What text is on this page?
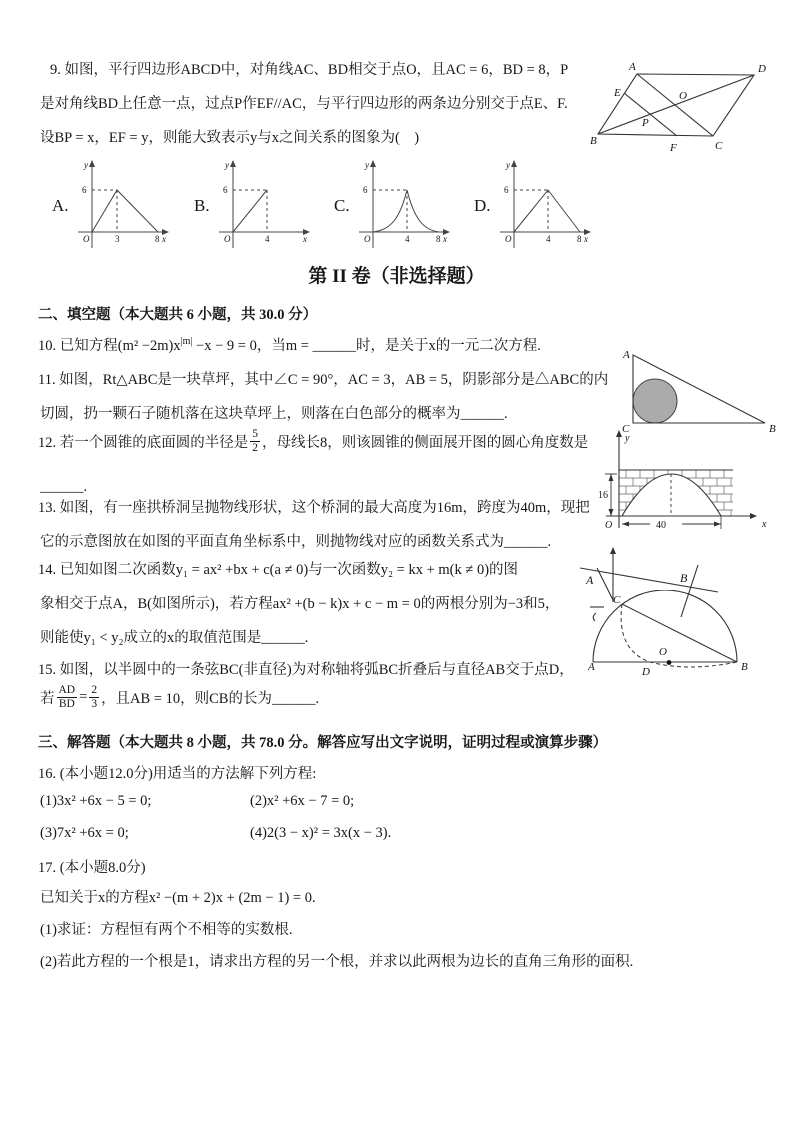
9. 如图，平行四边形ABCD中，对角线AC、BD相交于点O，且AC = 6，BD = 8，P
是对角线BD上任意一点，过点P作EF//AC，与平行四边形的两条边分别交于点E、F.
设BP = x，EF = y，则能大致表示y与x之间关系的图象为(　)
A	D
B	C
E	O
P
F
A.
y
6
O	3	8 x
B.
y
6
O	4	x
C.
y
6
O	4	8 x
D.
y
6
O	4	8 x
第 II 卷（非选择题）
二、填空题（本大题共 6 小题，共 30.0 分）
10. 已知方程$(m^2 -2m)x^{|m|} -x - 9 = 0$，当m = ______时，是关于x的一元二次方程.
11. 如图，Rt△ABC是一块草坪，其中∠C = 90°，AC = 3，AB = 5，阴影部分是△ABC的内
切圆，扔一颗石子随机落在这块草坪上，则落在白色部分的概率为______.
A
C	B
12. 若一个圆锥的底面圆的半径是 $\frac{5}{2}$ ，母线长8，则该圆锥的侧面展开图的圆心角度数是
______.
13. 如图，有一座拱桥洞呈抛物线形状，这个桥洞的最大高度为16m，跨度为40m，现把
它的示意图放在如图的平面直角坐标系中，则抛物线对应的函数关系式为______.
16
40
O	x
y
14. 已知如图二次函数y₁ = ax² +bx + c(a ≠ 0)与一次函数y₂ = kx + m(k ≠ 0)的图
象相交于点A，B(如图所示)，若方程ax² +(b − k)x + c − m = 0的两根分别为−3和5，
则能使y₁ < y₂成立的x的取值范围是______.
A	B
15. 如图，以半圆中的一条弦BC(非直径)为对称轴将弧BC折叠后与直径AB交于点D，
若 $\frac{AD}{BD} = \frac{2}{3}$ ，且AB = 10，则CB的长为______.
A	B
C
O
D
三、解答题（本大题共 8 小题，共 78.0 分。解答应写出文字说明，证明过程或演算步骤）
16. (本小题12.0分)用适当的方法解下列方程:
(1)3x² +6x − 5 = 0;	(2)x² +6x − 7 = 0;
(3)7x² +6x = 0;	(4)2(3 − x)² = 3x(x − 3).
17. (本小题8.0分)
已知关于x的方程x² −(m + 2)x + (2m − 1) = 0.
(1)求证：方程恒有两个不相等的实数根.
(2)若此方程的一个根是1，请求出方程的另一个根，并求以此两根为边长的直角三角形的面积.
